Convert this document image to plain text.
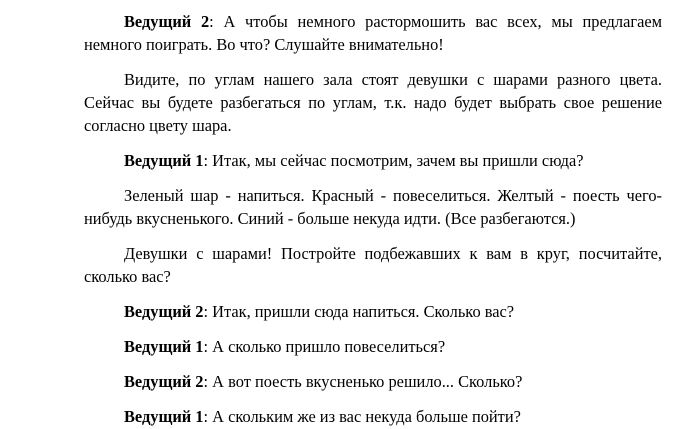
Ведущий 2: А чтобы немного растормошить вас всех, мы предлагаем немного поиграть. Во что? Слушайте внимательно!

Видите, по углам нашего зала стоят девушки с шарами разного цвета. Сейчас вы будете разбегаться по углам, т.к. надо будет выбрать свое решение согласно цвету шара.

Ведущий 1: Итак, мы сейчас посмотрим, зачем вы пришли сюда?

Зеленый шар - напиться. Красный - повеселиться. Желтый - поесть чего-нибудь вкусненького. Синий - больше некуда идти. (Все разбегаются.)

Девушки с шарами! Постройте подбежавших к вам в круг, посчитайте, сколько вас?

Ведущий 2: Итак, пришли сюда напиться. Сколько вас?

Ведущий 1: А сколько пришло повеселиться?

Ведущий 2: А вот поесть вкусненько решило... Сколько?

Ведущий 1: А скольким же из вас некуда больше пойти?
